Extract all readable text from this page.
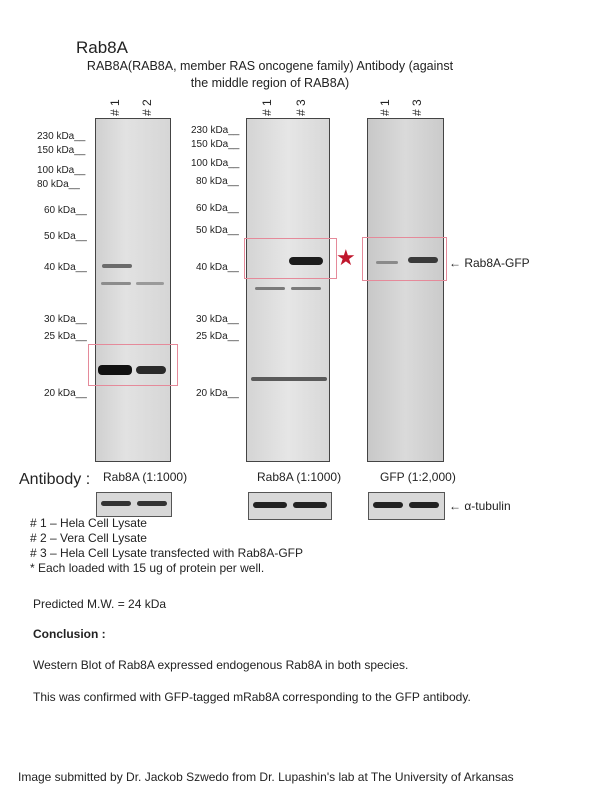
Rab8A
RAB8A(RAB8A, member RAS oncogene family) Antibody (against the middle region of RAB8A)
# 1 # 2	# 1 # 3	# 1 # 3
230 kDa__
150 kDa__
100 kDa__
80 kDa__
60 kDa__
50 kDa__
40 kDa__
30 kDa__
25 kDa__
20 kDa__
230 kDa__
150 kDa__
100 kDa__
80 kDa__
60 kDa__
50 kDa__
40 kDa__
30 kDa__
25 kDa__
20 kDa__
★	← Rab8A-GFP
Antibody : Rab8A (1:1000)	Rab8A (1:1000)	GFP (1:2,000)
← α-tubulin
# 1 – Hela Cell Lysate
# 2 – Vera Cell Lysate
# 3 – Hela Cell Lysate transfected with Rab8A-GFP
* Each loaded with 15 ug of protein per well.
Predicted M.W. = 24 kDa
Conclusion :
Western Blot of Rab8A expressed endogenous Rab8A in both species.
This was confirmed with GFP-tagged mRab8A corresponding to the GFP antibody.
Image submitted by Dr. Jackob Szwedo from Dr. Lupashin's lab at The University of Arkansas
